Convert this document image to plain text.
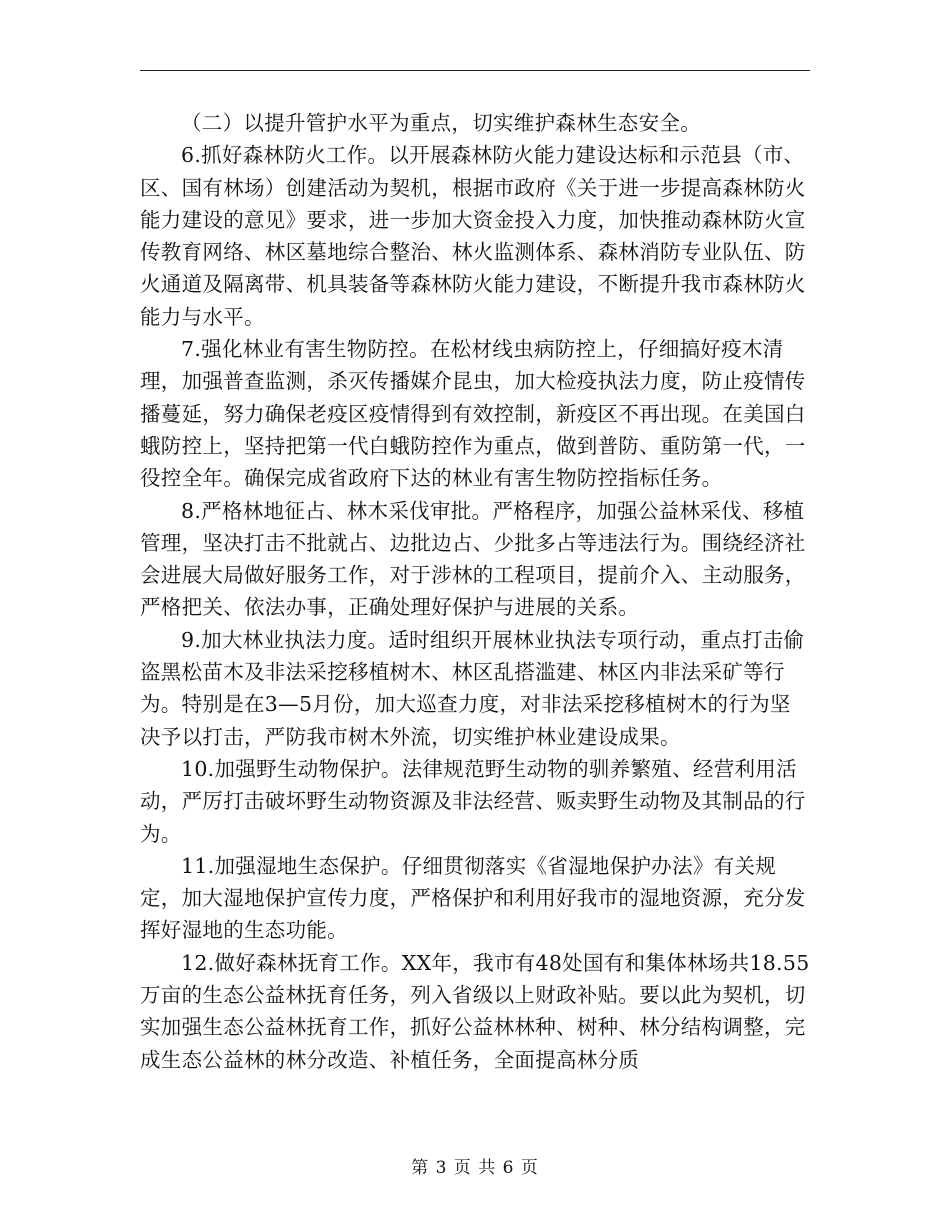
（二）以提升管护水平为重点，切实维护森林生态安全。

6.抓好森林防火工作。以开展森林防火能力建设达标和示范县（市、区、国有林场）创建活动为契机，根据市政府《关于进一步提高森林防火能力建设的意见》要求，进一步加大资金投入力度，加快推动森林防火宣传教育网络、林区墓地综合整治、林火监测体系、森林消防专业队伍、防火通道及隔离带、机具装备等森林防火能力建设，不断提升我市森林防火能力与水平。

7.强化林业有害生物防控。在松材线虫病防控上，仔细搞好疫木清理，加强普查监测，杀灭传播媒介昆虫，加大检疫执法力度，防止疫情传播蔓延，努力确保老疫区疫情得到有效控制，新疫区不再出现。在美国白蛾防控上，坚持把第一代白蛾防控作为重点，做到普防、重防第一代，一役控全年。确保完成省政府下达的林业有害生物防控指标任务。

8.严格林地征占、林木采伐审批。严格程序，加强公益林采伐、移植管理，坚决打击不批就占、边批边占、少批多占等违法行为。围绕经济社会进展大局做好服务工作，对于涉林的工程项目，提前介入、主动服务，严格把关、依法办事，正确处理好保护与进展的关系。

9.加大林业执法力度。适时组织开展林业执法专项行动，重点打击偷盗黑松苗木及非法采挖移植树木、林区乱搭滥建、林区内非法采矿等行为。特别是在3—5月份，加大巡查力度，对非法采挖移植树木的行为坚决予以打击，严防我市树木外流，切实维护林业建设成果。

10.加强野生动物保护。法律规范野生动物的驯养繁殖、经营利用活动，严厉打击破坏野生动物资源及非法经营、贩卖野生动物及其制品的行为。

11.加强湿地生态保护。仔细贯彻落实《省湿地保护办法》有关规定，加大湿地保护宣传力度，严格保护和利用好我市的湿地资源，充分发挥好湿地的生态功能。

12.做好森林抚育工作。XX年，我市有48处国有和集体林场共18.55万亩的生态公益林抚育任务，列入省级以上财政补贴。要以此为契机，切实加强生态公益林抚育工作，抓好公益林林种、树种、林分结构调整，完成生态公益林的林分改造、补植任务，全面提高林分质

第 3 页 共 6 页
